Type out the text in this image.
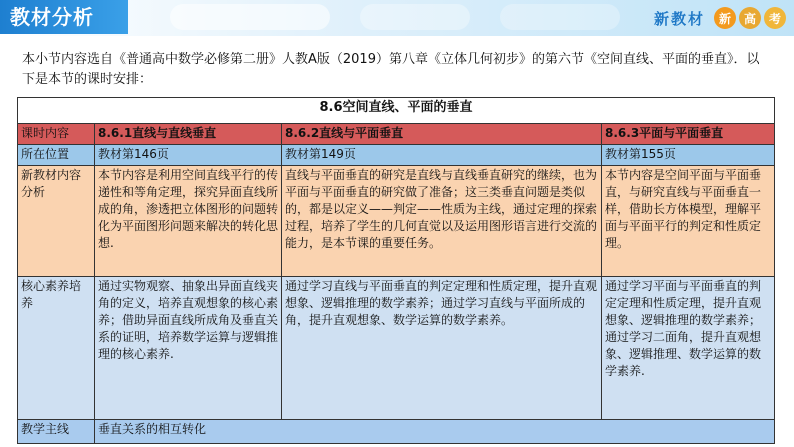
教材分析	新教材	新	高	考
本小节内容选自《普通高中数学必修第二册》人教A版（2019）第八章《立体几何初步》的第六节《空间直线、平面的垂直》．以下是本节的课时安排：
8.6空间直线、平面的垂直			
课时内容	8.6.1直线与直线垂直	8.6.2直线与平面垂直	8.6.3平面与平面垂直
所在位置	教材第146页	教材第149页	教材第155页
新教材内容分析	本节内容是利用空间直线平行的传递性和等角定理，探究异面直线所成的角，渗透把立体图形的问题转化为平面图形问题来解决的转化思想.	直线与平面垂直的研究是直线与直线垂直研究的继续，也为平面与平面垂直的研究做了准备；这三类垂直问题是类似的，都是以定义——判定——性质为主线，通过定理的探索过程，培养了学生的几何直觉以及运用图形语言进行交流的能力，是本节课的重要任务。	本节内容是空间平面与平面垂直，与研究直线与平面垂直一样，借助长方体模型，理解平面与平面平行的判定和性质定理。
核心素养培养	通过实物观察、抽象出异面直线夹角的定义，培养直观想象的核心素养；借助异面直线所成角及垂直关系的证明，培养数学运算与逻辑推理的核心素养.	通过学习直线与平面垂直的判定定理和性质定理，提升直观想象、逻辑推理的数学素养；通过学习直线与平面所成的角，提升直观想象、数学运算的数学素养。	通过学习平面与平面垂直的判定定理和性质定理，提升直观想象、逻辑推理的数学素养；通过学习二面角，提升直观想象、逻辑推理、数学运算的数学素养.
教学主线	垂直关系的相互转化		
